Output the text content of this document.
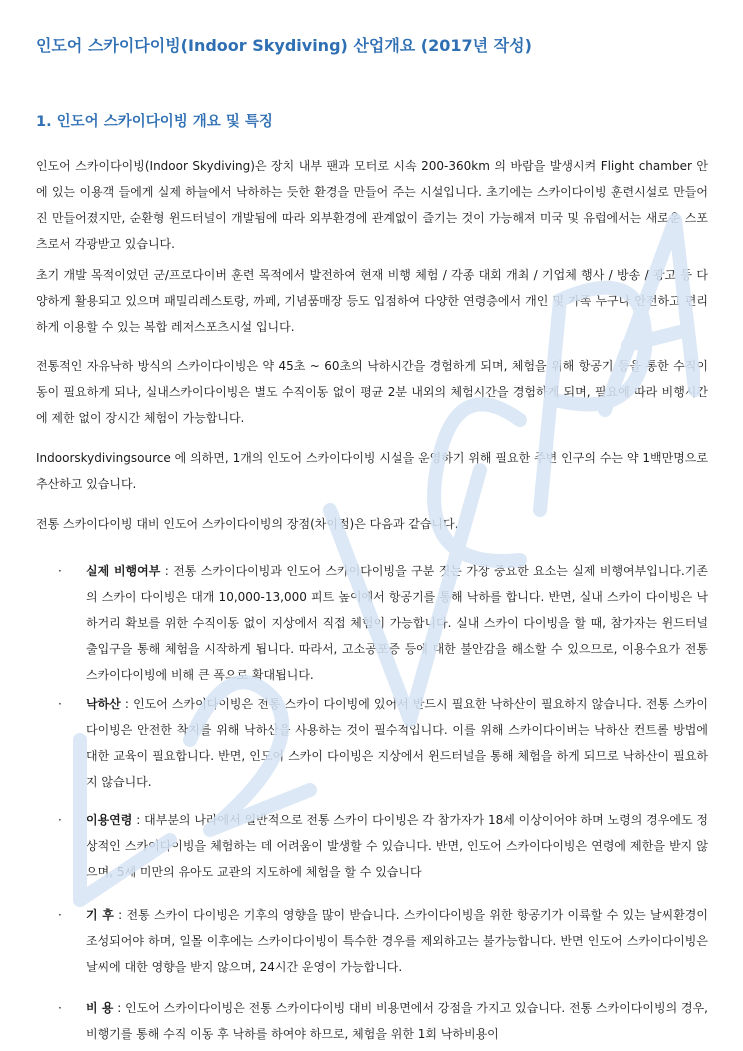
인도어 스카이다이빙(Indoor Skydiving) 산업개요 (2017년 작성)
1. 인도어 스카이다이빙 개요 및 특징

인도어 스카이다이빙(Indoor Skydiving)은 장치 내부 팬과 모터로 시속 200-360km 의 바람을 발생시켜 Flight chamber 안에 있는 이용객 들에게 실제 하늘에서 낙하하는 듯한 환경을 만들어 주는 시설입니다. 초기에는 스카이다이빙 훈련시설로 만들어진 만들어졌지만, 순환형 윈드터널이 개발됨에 따라 외부환경에 관계없이 즐기는 것이 가능해져 미국 및 유럽에서는 새로운 스포츠로서 각광받고 있습니다.

초기 개발 목적이었던 군/프로다이버 훈련 목적에서 발전하여 현재 비행 체험 / 각종 대회 개최 / 기업체 행사 / 방송 / 광고 등 다양하게 활용되고 있으며 패밀리레스토랑, 까페, 기념품매장 등도 입점하여 다양한 연령층에서 개인 및 가족 누구나 안전하고 편리하게 이용할 수 있는 복합 레저스포츠시설 입니다.

전통적인 자유낙하 방식의 스카이다이빙은 약 45초 ~ 60초의 낙하시간을 경험하게 되며, 체험을 위해 항공기 등을 통한 수직이동이 필요하게 되나, 실내스카이다이빙은 별도 수직이동 없이 평균 2분 내외의 체험시간을 경험하게 되며, 필요에 따라 비행시간에 제한 없이 장시간 체험이 가능합니다.

Indoorskydivingsource 에 의하면, 1개의 인도어 스카이다이빙 시설을 운영하기 위해 필요한 주변 인구의 수는 약 1백만명으로 추산하고 있습니다.

전통 스카이다이빙 대비 인도어 스카이다이빙의 장점(차이점)은 다음과 같습니다.

· 실제 비행여부 : 전통 스카이다이빙과 인도어 스카이다이빙을 구분 짓는 가장 중요한 요소는 실제 비행여부입니다.기존의 스카이 다이빙은 대개 10,000-13,000 피트 높이에서 항공기를 통해 낙하를 합니다. 반면, 실내 스카이 다이빙은 낙하거리 확보를 위한 수직이동 없이 지상에서 직접 체험이 가능합니다. 실내 스카이 다이빙을 할 때, 참가자는 윈드터널 출입구을 통해 체험을 시작하게 됩니다. 따라서, 고소공포증 등에 대한 불안감을 해소할 수 있으므로, 이용수요가 전통 스카이다이빙에 비해 큰 폭으로 확대됩니다.
· 낙하산 : 인도어 스카이다이빙은 전통 스카이 다이빙에 있어서 반드시 필요한 낙하산이 필요하지 않습니다. 전통 스카이 다이빙은 안전한 착지를 위해 낙하산을 사용하는 것이 필수적입니다. 이를 위해 스카이다이버는 낙하산 컨트롤 방법에 대한 교육이 필요합니다. 반면, 인도어 스카이 다이빙은 지상에서 윈드터널을 통해 체험을 하게 되므로 낙하산이 필요하지 않습니다.
· 이용연령 : 대부분의 나라에서 일반적으로 전통 스카이 다이빙은 각 참가자가 18세 이상이어야 하며 노령의 경우에도 정상적인 스카이다이빙을 체험하는 데 어려움이 발생할 수 있습니다. 반면, 인도어 스카이다이빙은 연령에 제한을 받지 않으며, 5세 미만의 유아도 교관의 지도하에 체험을 할 수 있습니다
· 기 후 : 전통 스카이 다이빙은 기후의 영향을 많이 받습니다. 스카이다이빙을 위한 항공기가 이륙할 수 있는 날씨환경이 조성되어야 하며, 일몰 이후에는 스카이다이빙이 특수한 경우를 제외하고는 불가능합니다. 반면 인도어 스카이다이빙은 날씨에 대한 영향을 받지 않으며, 24시간 운영이 가능합니다.
· 비 용 : 인도어 스카이다이빙은 전통 스카이다이빙 대비 비용면에서 강점을 가지고 있습니다. 전통 스카이다이빙의 경우, 비행기를 통해 수직 이동 후 낙하를 하여야 하므로, 체험을 위한 1회 낙하비용이
